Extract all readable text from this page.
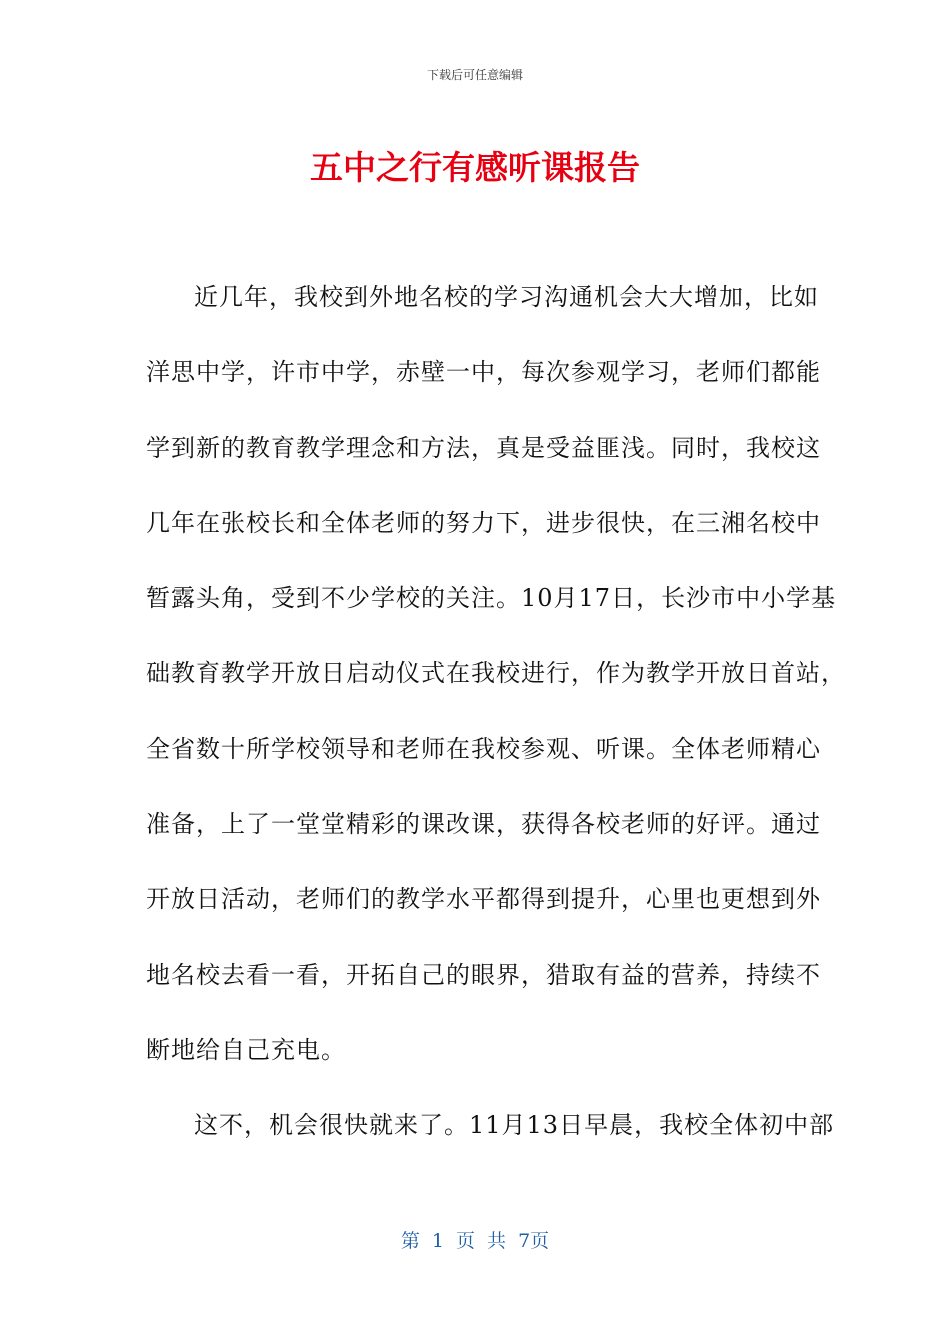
下载后可任意编辑
五中之行有感听课报告
近几年，我校到外地名校的学习沟通机会大大增加，比如
洋思中学，许市中学，赤壁一中，每次参观学习，老师们都能
学到新的教育教学理念和方法，真是受益匪浅。同时，我校这
几年在张校长和全体老师的努力下，进步很快，在三湘名校中
暂露头角，受到不少学校的关注。10月17日，长沙市中小学基
础教育教学开放日启动仪式在我校进行，作为教学开放日首站，
全省数十所学校领导和老师在我校参观、听课。全体老师精心
准备，上了一堂堂精彩的课改课，获得各校老师的好评。通过
开放日活动，老师们的教学水平都得到提升，心里也更想到外
地名校去看一看，开拓自己的眼界，猎取有益的营养，持续不
断地给自己充电。
这不，机会很快就来了。11月13日早晨，我校全体初中部
第 1 页 共 7页
